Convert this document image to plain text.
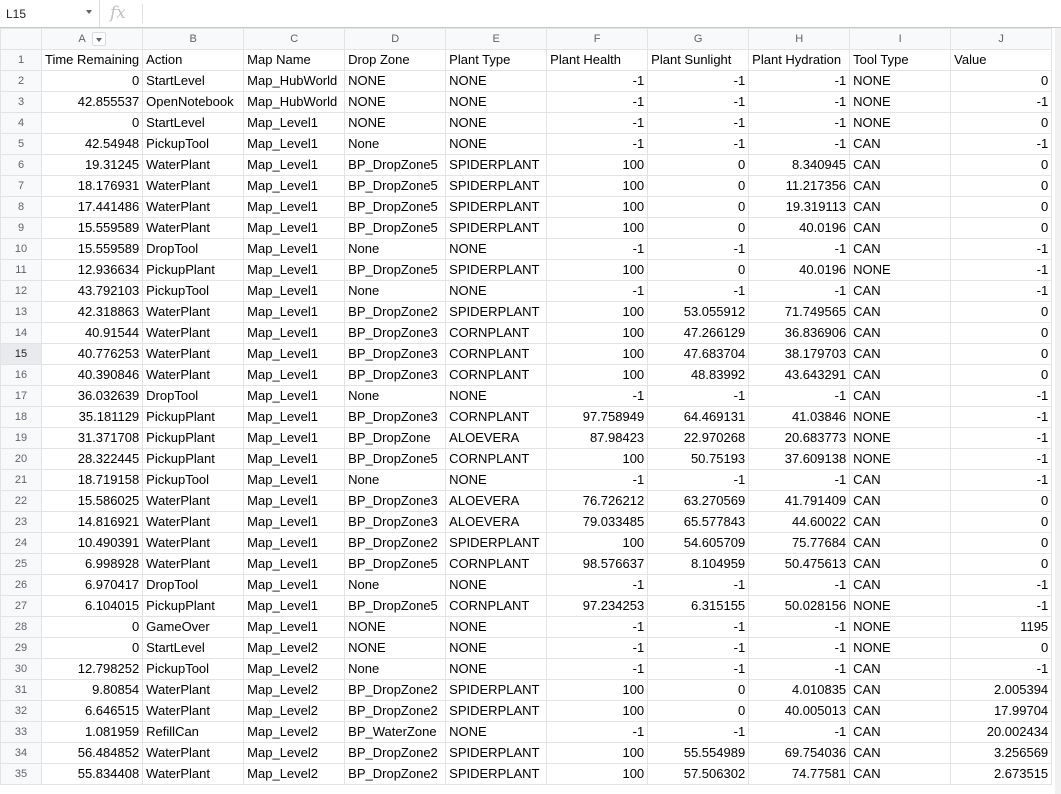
L15	fx
	A	B	C	D	E	F	G	H	I	J
1	Time Remaining	Action	Map Name	Drop Zone	Plant Type	Plant Health	Plant Sunlight	Plant Hydration	Tool Type	Value
2	0	StartLevel	Map_HubWorld	NONE	NONE	-1	-1	-1	NONE	0
3	42.855537	OpenNotebook	Map_HubWorld	NONE	NONE	-1	-1	-1	NONE	-1
4	0	StartLevel	Map_Level1	NONE	NONE	-1	-1	-1	NONE	0
5	42.54948	PickupTool	Map_Level1	None	NONE	-1	-1	-1	CAN	-1
6	19.31245	WaterPlant	Map_Level1	BP_DropZone5	SPIDERPLANT	100	0	8.340945	CAN	0
7	18.176931	WaterPlant	Map_Level1	BP_DropZone5	SPIDERPLANT	100	0	11.217356	CAN	0
8	17.441486	WaterPlant	Map_Level1	BP_DropZone5	SPIDERPLANT	100	0	19.319113	CAN	0
9	15.559589	WaterPlant	Map_Level1	BP_DropZone5	SPIDERPLANT	100	0	40.0196	CAN	0
10	15.559589	DropTool	Map_Level1	None	NONE	-1	-1	-1	CAN	-1
11	12.936634	PickupPlant	Map_Level1	BP_DropZone5	SPIDERPLANT	100	0	40.0196	NONE	-1
12	43.792103	PickupTool	Map_Level1	None	NONE	-1	-1	-1	CAN	-1
13	42.318863	WaterPlant	Map_Level1	BP_DropZone2	SPIDERPLANT	100	53.055912	71.749565	CAN	0
14	40.91544	WaterPlant	Map_Level1	BP_DropZone3	CORNPLANT	100	47.266129	36.836906	CAN	0
15	40.776253	WaterPlant	Map_Level1	BP_DropZone3	CORNPLANT	100	47.683704	38.179703	CAN	0
16	40.390846	WaterPlant	Map_Level1	BP_DropZone3	CORNPLANT	100	48.83992	43.643291	CAN	0
17	36.032639	DropTool	Map_Level1	None	NONE	-1	-1	-1	CAN	-1
18	35.181129	PickupPlant	Map_Level1	BP_DropZone3	CORNPLANT	97.758949	64.469131	41.03846	NONE	-1
19	31.371708	PickupPlant	Map_Level1	BP_DropZone	ALOEVERA	87.98423	22.970268	20.683773	NONE	-1
20	28.322445	PickupPlant	Map_Level1	BP_DropZone5	CORNPLANT	100	50.75193	37.609138	NONE	-1
21	18.719158	PickupTool	Map_Level1	None	NONE	-1	-1	-1	CAN	-1
22	15.586025	WaterPlant	Map_Level1	BP_DropZone3	ALOEVERA	76.726212	63.270569	41.791409	CAN	0
23	14.816921	WaterPlant	Map_Level1	BP_DropZone3	ALOEVERA	79.033485	65.577843	44.60022	CAN	0
24	10.490391	WaterPlant	Map_Level1	BP_DropZone2	SPIDERPLANT	100	54.605709	75.77684	CAN	0
25	6.998928	WaterPlant	Map_Level1	BP_DropZone5	CORNPLANT	98.576637	8.104959	50.475613	CAN	0
26	6.970417	DropTool	Map_Level1	None	NONE	-1	-1	-1	CAN	-1
27	6.104015	PickupPlant	Map_Level1	BP_DropZone5	CORNPLANT	97.234253	6.315155	50.028156	NONE	-1
28	0	GameOver	Map_Level1	NONE	NONE	-1	-1	-1	NONE	1195
29	0	StartLevel	Map_Level2	NONE	NONE	-1	-1	-1	NONE	0
30	12.798252	PickupTool	Map_Level2	None	NONE	-1	-1	-1	CAN	-1
31	9.80854	WaterPlant	Map_Level2	BP_DropZone2	SPIDERPLANT	100	0	4.010835	CAN	2.005394
32	6.646515	WaterPlant	Map_Level2	BP_DropZone2	SPIDERPLANT	100	0	40.005013	CAN	17.99704
33	1.081959	RefillCan	Map_Level2	BP_WaterZone	NONE	-1	-1	-1	CAN	20.002434
34	56.484852	WaterPlant	Map_Level2	BP_DropZone2	SPIDERPLANT	100	55.554989	69.754036	CAN	3.256569
35	55.834408	WaterPlant	Map_Level2	BP_DropZone2	SPIDERPLANT	100	57.506302	74.77581	CAN	2.673515
